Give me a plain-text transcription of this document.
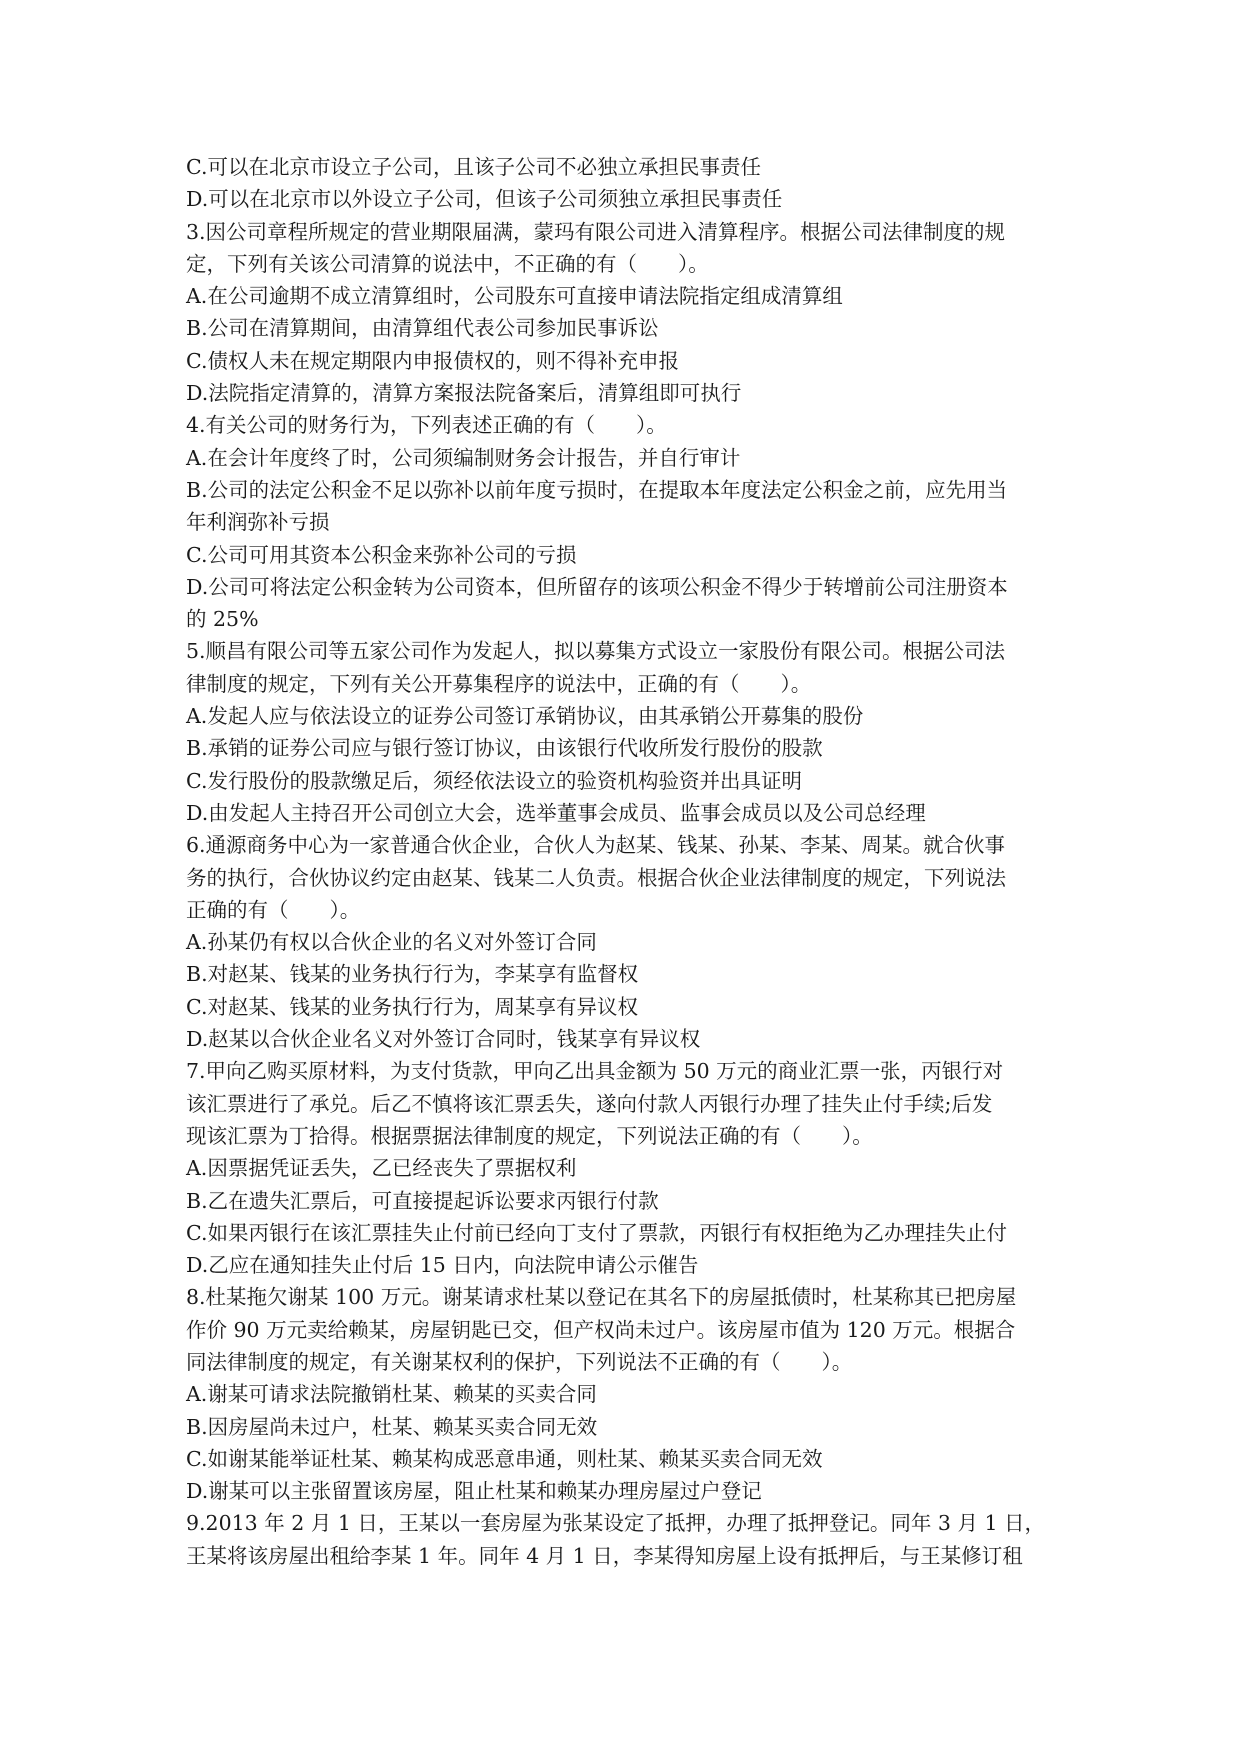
C.可以在北京市设立子公司，且该子公司不必独立承担民事责任
D.可以在北京市以外设立子公司，但该子公司须独立承担民事责任
3.因公司章程所规定的营业期限届满，蒙玛有限公司进入清算程序。根据公司法律制度的规
定，下列有关该公司清算的说法中，不正确的有（　　）。
A.在公司逾期不成立清算组时，公司股东可直接申请法院指定组成清算组
B.公司在清算期间，由清算组代表公司参加民事诉讼
C.债权人未在规定期限内申报债权的，则不得补充申报
D.法院指定清算的，清算方案报法院备案后，清算组即可执行
4.有关公司的财务行为，下列表述正确的有（　　）。
A.在会计年度终了时，公司须编制财务会计报告，并自行审计
B.公司的法定公积金不足以弥补以前年度亏损时，在提取本年度法定公积金之前，应先用当
年利润弥补亏损
C.公司可用其资本公积金来弥补公司的亏损
D.公司可将法定公积金转为公司资本，但所留存的该项公积金不得少于转增前公司注册资本
的 25%
5.顺昌有限公司等五家公司作为发起人，拟以募集方式设立一家股份有限公司。根据公司法
律制度的规定，下列有关公开募集程序的说法中，正确的有（　　）。
A.发起人应与依法设立的证券公司签订承销协议，由其承销公开募集的股份
B.承销的证券公司应与银行签订协议，由该银行代收所发行股份的股款
C.发行股份的股款缴足后，须经依法设立的验资机构验资并出具证明
D.由发起人主持召开公司创立大会，选举董事会成员、监事会成员以及公司总经理
6.通源商务中心为一家普通合伙企业，合伙人为赵某、钱某、孙某、李某、周某。就合伙事
务的执行，合伙协议约定由赵某、钱某二人负责。根据合伙企业法律制度的规定，下列说法
正确的有（　　）。
A.孙某仍有权以合伙企业的名义对外签订合同
B.对赵某、钱某的业务执行行为，李某享有监督权
C.对赵某、钱某的业务执行行为，周某享有异议权
D.赵某以合伙企业名义对外签订合同时，钱某享有异议权
7.甲向乙购买原材料，为支付货款，甲向乙出具金额为 50 万元的商业汇票一张，丙银行对
该汇票进行了承兑。后乙不慎将该汇票丢失，遂向付款人丙银行办理了挂失止付手续;后发
现该汇票为丁拾得。根据票据法律制度的规定，下列说法正确的有（　　）。
A.因票据凭证丢失，乙已经丧失了票据权利
B.乙在遗失汇票后，可直接提起诉讼要求丙银行付款
C.如果丙银行在该汇票挂失止付前已经向丁支付了票款，丙银行有权拒绝为乙办理挂失止付
D.乙应在通知挂失止付后 15 日内，向法院申请公示催告
8.杜某拖欠谢某 100 万元。谢某请求杜某以登记在其名下的房屋抵债时，杜某称其已把房屋
作价 90 万元卖给赖某，房屋钥匙已交，但产权尚未过户。该房屋市值为 120 万元。根据合
同法律制度的规定，有关谢某权利的保护，下列说法不正确的有（　　）。
A.谢某可请求法院撤销杜某、赖某的买卖合同
B.因房屋尚未过户，杜某、赖某买卖合同无效
C.如谢某能举证杜某、赖某构成恶意串通，则杜某、赖某买卖合同无效
D.谢某可以主张留置该房屋，阻止杜某和赖某办理房屋过户登记
9.2013 年 2 月 1 日，王某以一套房屋为张某设定了抵押，办理了抵押登记。同年 3 月 1 日，
王某将该房屋出租给李某 1 年。同年 4 月 1 日，李某得知房屋上设有抵押后，与王某修订租
